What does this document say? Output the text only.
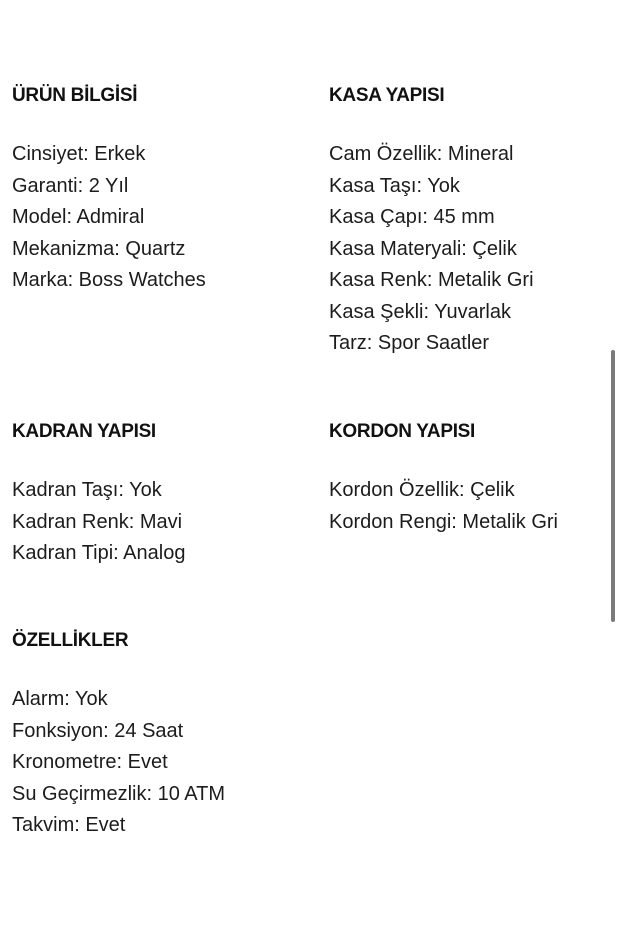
ÜRÜN BİLGİSİ
Cinsiyet: Erkek
Garanti: 2 Yıl
Model: Admiral
Mekanizma: Quartz
Marka: Boss Watches
KASA YAPISI
Cam Özellik: Mineral
Kasa Taşı: Yok
Kasa Çapı: 45 mm
Kasa Materyali: Çelik
Kasa Renk: Metalik Gri
Kasa Şekli: Yuvarlak
Tarz: Spor Saatler
KADRAN YAPISI
Kadran Taşı: Yok
Kadran Renk: Mavi
Kadran Tipi: Analog
KORDON YAPISI
Kordon Özellik: Çelik
Kordon Rengi: Metalik Gri
ÖZELLİKLER
Alarm: Yok
Fonksiyon: 24 Saat
Kronometre: Evet
Su Geçirmezlik: 10 ATM
Takvim: Evet
